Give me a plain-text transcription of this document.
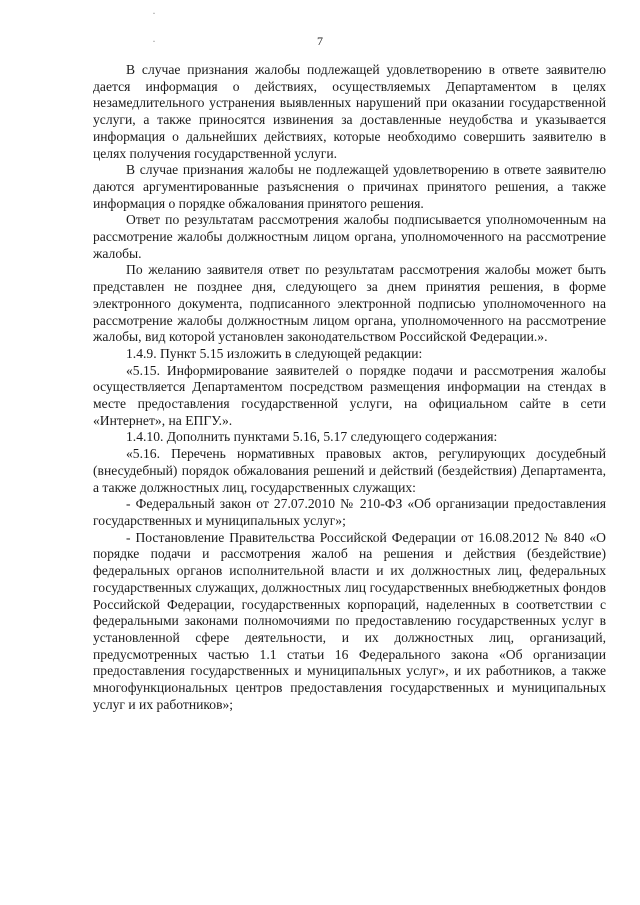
·
·	7

В случае признания жалобы подлежащей удовлетворению в ответе заявителю дается информация о действиях, осуществляемых Департаментом в целях незамедлительного устранения выявленных нарушений при оказании государственной услуги, а также приносятся извинения за доставленные неудобства и указывается информация о дальнейших действиях, которые необходимо совершить заявителю в целях получения государственной услуги.

В случае признания жалобы не подлежащей удовлетворению в ответе заявителю даются аргументированные разъяснения о причинах принятого решения, а также информация о порядке обжалования принятого решения.

Ответ по результатам рассмотрения жалобы подписывается уполномоченным на рассмотрение жалобы должностным лицом органа, уполномоченного на рассмотрение жалобы.

По желанию заявителя ответ по результатам рассмотрения жалобы может быть представлен не позднее дня, следующего за днем принятия решения, в форме электронного документа, подписанного электронной подписью уполномоченного на рассмотрение жалобы должностным лицом органа, уполномоченного на рассмотрение жалобы, вид которой установлен законодательством Российской Федерации.».

1.4.9. Пункт 5.15 изложить в следующей редакции:

«5.15. Информирование заявителей о порядке подачи и рассмотрения жалобы осуществляется Департаментом посредством размещения информации на стендах в месте предоставления государственной услуги, на официальном сайте в сети «Интернет», на ЕПГУ.».

1.4.10. Дополнить пунктами 5.16, 5.17 следующего содержания:

«5.16. Перечень нормативных правовых актов, регулирующих досудебный (внесудебный) порядок обжалования решений и действий (бездействия) Департамента, а также должностных лиц, государственных служащих:

- Федеральный закон от 27.07.2010 № 210-ФЗ «Об организации предоставления государственных и муниципальных услуг»;

- Постановление Правительства Российской Федерации от 16.08.2012 № 840 «О порядке подачи и рассмотрения жалоб на решения и действия (бездействие) федеральных органов исполнительной власти и их должностных лиц, федеральных государственных служащих, должностных лиц государственных внебюджетных фондов Российской Федерации, государственных корпораций, наделенных в соответствии с федеральными законами полномочиями по предоставлению государственных услуг в установленной сфере деятельности, и их должностных лиц, организаций, предусмотренных частью 1.1 статьи 16 Федерального закона «Об организации предоставления государственных и муниципальных услуг», и их работников, а также многофункциональных центров предоставления государственных и муниципальных услуг и их работников»;
